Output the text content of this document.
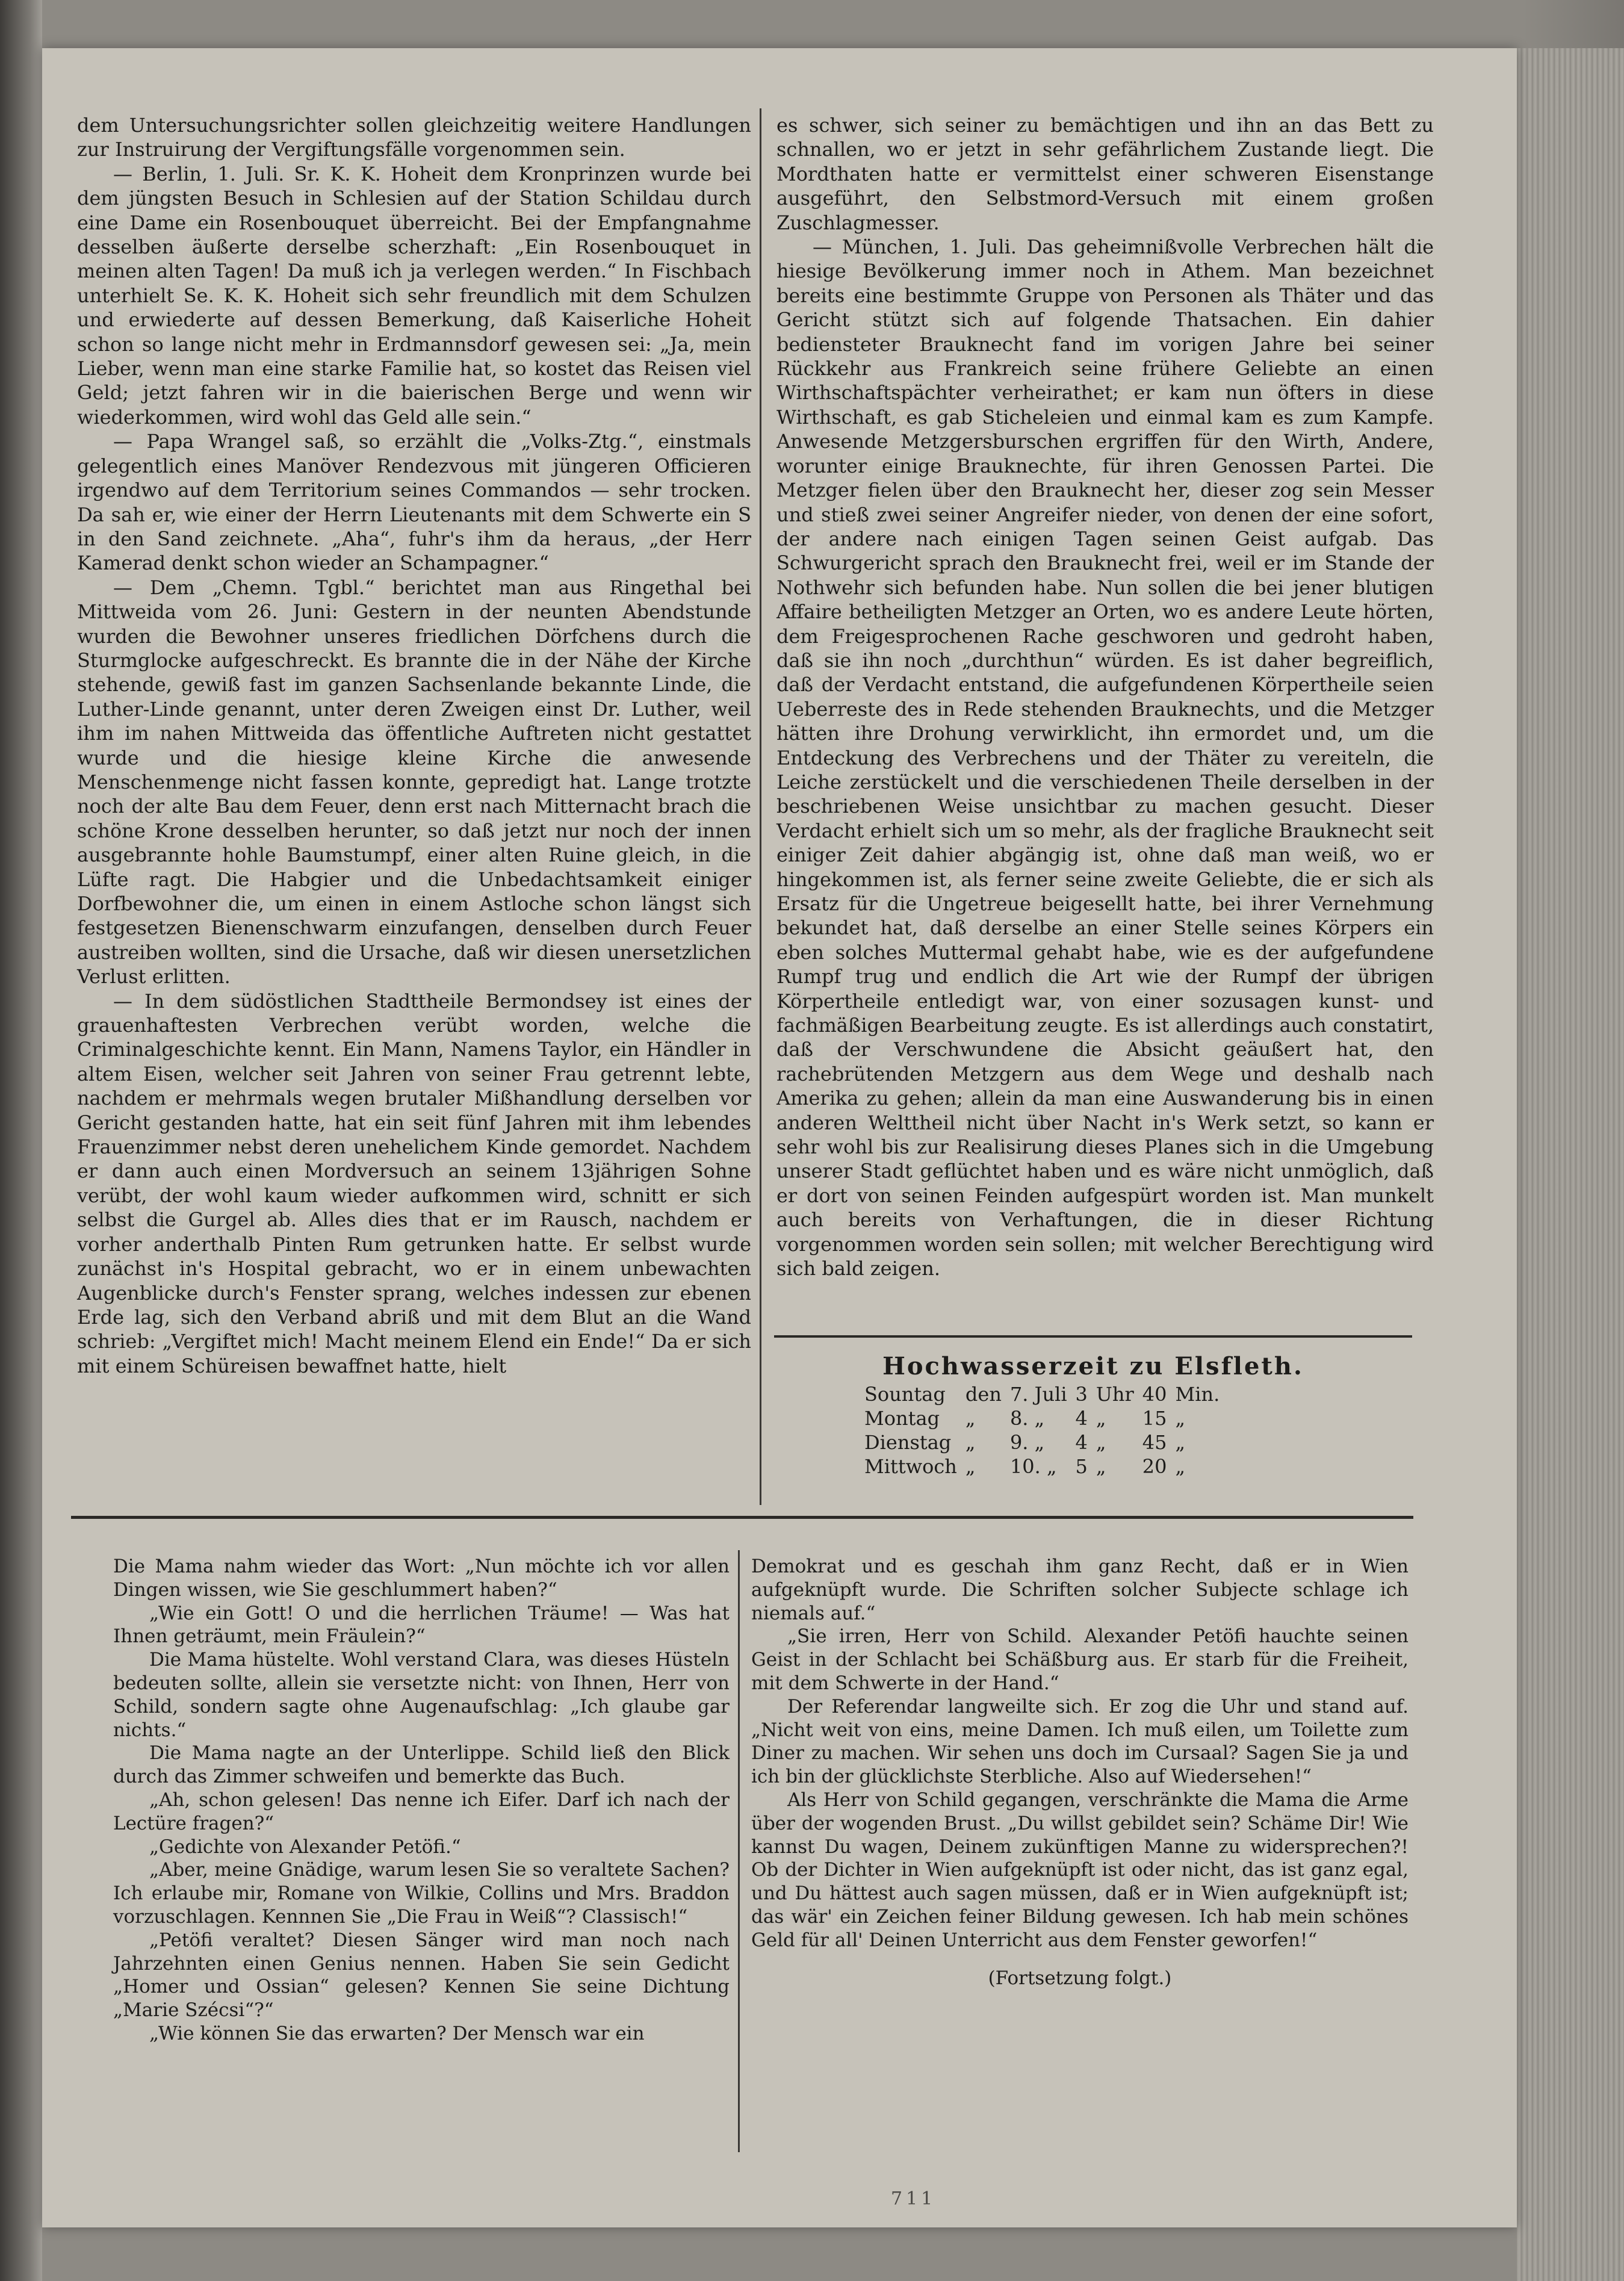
dem Untersuchungsrichter sollen gleichzeitig weitere Handlungen zur Instruirung der Vergiftungsfälle vorgenommen sein.

— Berlin, 1. Juli. Sr. K. K. Hoheit dem Kronprinzen wurde bei dem jüngsten Besuch in Schlesien auf der Station Schildau durch eine Dame ein Rosenbouquet überreicht. Bei der Empfangnahme desselben äußerte derselbe scherzhaft: „Ein Rosenbouquet in meinen alten Tagen! Da muß ich ja verlegen werden.“ In Fischbach unterhielt Se. K. K. Hoheit sich sehr freundlich mit dem Schulzen und erwiederte auf dessen Bemerkung, daß Kaiserliche Hoheit schon so lange nicht mehr in Erdmannsdorf gewesen sei: „Ja, mein Lieber, wenn man eine starke Familie hat, so kostet das Reisen viel Geld; jetzt fahren wir in die baierischen Berge und wenn wir wiederkommen, wird wohl das Geld alle sein.“

— Papa Wrangel saß, so erzählt die „Volks-Ztg.“, einstmals gelegentlich eines Manöver Rendezvous mit jüngeren Officieren irgendwo auf dem Territorium seines Commandos — sehr trocken. Da sah er, wie einer der Herrn Lieutenants mit dem Schwerte ein S in den Sand zeichnete. „Aha“, fuhr's ihm da heraus, „der Herr Kamerad denkt schon wieder an Schampagner.“

— Dem „Chemn. Tgbl.“ berichtet man aus Ringethal bei Mittweida vom 26. Juni: Gestern in der neunten Abendstunde wurden die Bewohner unseres friedlichen Dörfchens durch die Sturmglocke aufgeschreckt. Es brannte die in der Nähe der Kirche stehende, gewiß fast im ganzen Sachsenlande bekannte Linde, die Luther-Linde genannt, unter deren Zweigen einst Dr. Luther, weil ihm im nahen Mittweida das öffentliche Auftreten nicht gestattet wurde und die hiesige kleine Kirche die anwesende Menschenmenge nicht fassen konnte, gepredigt hat. Lange trotzte noch der alte Bau dem Feuer, denn erst nach Mitternacht brach die schöne Krone desselben herunter, so daß jetzt nur noch der innen ausgebrannte hohle Baumstumpf, einer alten Ruine gleich, in die Lüfte ragt. Die Habgier und die Unbedachtsamkeit einiger Dorfbewohner die, um einen in einem Astloche schon längst sich festgesetzen Bienenschwarm einzufangen, denselben durch Feuer austreiben wollten, sind die Ursache, daß wir diesen unersetzlichen Verlust erlitten.

— In dem südöstlichen Stadttheile Bermondsey ist eines der grauenhaftesten Verbrechen verübt worden, welche die Criminalgeschichte kennt. Ein Mann, Namens Taylor, ein Händler in altem Eisen, welcher seit Jahren von seiner Frau getrennt lebte, nachdem er mehrmals wegen brutaler Mißhandlung derselben vor Gericht gestanden hatte, hat ein seit fünf Jahren mit ihm lebendes Frauenzimmer nebst deren unehelichem Kinde gemordet. Nachdem er dann auch einen Mordversuch an seinem 13jährigen Sohne verübt, der wohl kaum wieder aufkommen wird, schnitt er sich selbst die Gurgel ab. Alles dies that er im Rausch, nachdem er vorher anderthalb Pinten Rum getrunken hatte. Er selbst wurde zunächst in's Hospital gebracht, wo er in einem unbewachten Augenblicke durch's Fenster sprang, welches indessen zur ebenen Erde lag, sich den Verband abriß und mit dem Blut an die Wand schrieb: „Vergiftet mich! Macht meinem Elend ein Ende!“ Da er sich mit einem Schüreisen bewaffnet hatte, hielt

es schwer, sich seiner zu bemächtigen und ihn an das Bett zu schnallen, wo er jetzt in sehr gefährlichem Zustande liegt. Die Mordthaten hatte er vermittelst einer schweren Eisenstange ausgeführt, den Selbstmord-Versuch mit einem großen Zuschlagmesser.

— München, 1. Juli. Das geheimnißvolle Verbrechen hält die hiesige Bevölkerung immer noch in Athem. Man bezeichnet bereits eine bestimmte Gruppe von Personen als Thäter und das Gericht stützt sich auf folgende Thatsachen. Ein dahier bediensteter Brauknecht fand im vorigen Jahre bei seiner Rückkehr aus Frankreich seine frühere Geliebte an einen Wirthschaftspächter verheirathet; er kam nun öfters in diese Wirthschaft, es gab Sticheleien und einmal kam es zum Kampfe. Anwesende Metzgersburschen ergriffen für den Wirth, Andere, worunter einige Brauknechte, für ihren Genossen Partei. Die Metzger fielen über den Brauknecht her, dieser zog sein Messer und stieß zwei seiner Angreifer nieder, von denen der eine sofort, der andere nach einigen Tagen seinen Geist aufgab. Das Schwurgericht sprach den Brauknecht frei, weil er im Stande der Nothwehr sich befunden habe. Nun sollen die bei jener blutigen Affaire betheiligten Metzger an Orten, wo es andere Leute hörten, dem Freigesprochenen Rache geschworen und gedroht haben, daß sie ihn noch „durchthun“ würden. Es ist daher begreiflich, daß der Verdacht entstand, die aufgefundenen Körpertheile seien Ueberreste des in Rede stehenden Brauknechts, und die Metzger hätten ihre Drohung verwirklicht, ihn ermordet und, um die Entdeckung des Verbrechens und der Thäter zu vereiteln, die Leiche zerstückelt und die verschiedenen Theile derselben in der beschriebenen Weise unsichtbar zu machen gesucht. Dieser Verdacht erhielt sich um so mehr, als der fragliche Brauknecht seit einiger Zeit dahier abgängig ist, ohne daß man weiß, wo er hingekommen ist, als ferner seine zweite Geliebte, die er sich als Ersatz für die Ungetreue beigesellt hatte, bei ihrer Vernehmung bekundet hat, daß derselbe an einer Stelle seines Körpers ein eben solches Muttermal gehabt habe, wie es der aufgefundene Rumpf trug und endlich die Art wie der Rumpf der übrigen Körpertheile entledigt war, von einer sozusagen kunst- und fachmäßigen Bearbeitung zeugte. Es ist allerdings auch constatirt, daß der Verschwundene die Absicht geäußert hat, den rachebrütenden Metzgern aus dem Wege und deshalb nach Amerika zu gehen; allein da man eine Auswanderung bis in einen anderen Welttheil nicht über Nacht in's Werk setzt, so kann er sehr wohl bis zur Realisirung dieses Planes sich in die Umgebung unserer Stadt geflüchtet haben und es wäre nicht unmöglich, daß er dort von seinen Feinden aufgespürt worden ist. Man munkelt auch bereits von Verhaftungen, die in dieser Richtung vorgenommen worden sein sollen; mit welcher Berechtigung wird sich bald zeigen.

Hochwasserzeit zu Elsfleth.
Sountag	den	7. Juli	3	Uhr	40	Min.
Montag	„	8. „	4	„	15	„
Dienstag	„	9. „	4	„	45	„
Mittwoch	„	10. „	5	„	20	„

Die Mama nahm wieder das Wort: „Nun möchte ich vor allen Dingen wissen, wie Sie geschlummert haben?“

„Wie ein Gott! O und die herrlichen Träume! — Was hat Ihnen geträumt, mein Fräulein?“

Die Mama hüstelte. Wohl verstand Clara, was dieses Hüsteln bedeuten sollte, allein sie versetzte nicht: von Ihnen, Herr von Schild, sondern sagte ohne Augenaufschlag: „Ich glaube gar nichts.“

Die Mama nagte an der Unterlippe. Schild ließ den Blick durch das Zimmer schweifen und bemerkte das Buch.

„Ah, schon gelesen! Das nenne ich Eifer. Darf ich nach der Lectüre fragen?“

„Gedichte von Alexander Petöfi.“

„Aber, meine Gnädige, warum lesen Sie so veraltete Sachen? Ich erlaube mir, Romane von Wilkie, Collins und Mrs. Braddon vorzuschlagen. Kennnen Sie „Die Frau in Weiß“? Classisch!“

„Petöfi veraltet? Diesen Sänger wird man noch nach Jahrzehnten einen Genius nennen. Haben Sie sein Gedicht „Homer und Ossian“ gelesen? Kennen Sie seine Dichtung „Marie Szécsi“?“

„Wie können Sie das erwarten? Der Mensch war ein

Demokrat und es geschah ihm ganz Recht, daß er in Wien aufgeknüpft wurde. Die Schriften solcher Subjecte schlage ich niemals auf.“

„Sie irren, Herr von Schild. Alexander Petöfi hauchte seinen Geist in der Schlacht bei Schäßburg aus. Er starb für die Freiheit, mit dem Schwerte in der Hand.“

Der Referendar langweilte sich. Er zog die Uhr und stand auf. „Nicht weit von eins, meine Damen. Ich muß eilen, um Toilette zum Diner zu machen. Wir sehen uns doch im Cursaal? Sagen Sie ja und ich bin der glücklichste Sterbliche. Also auf Wiedersehen!“

Als Herr von Schild gegangen, verschränkte die Mama die Arme über der wogenden Brust. „Du willst gebildet sein? Schäme Dir! Wie kannst Du wagen, Deinem zukünftigen Manne zu widersprechen?! Ob der Dichter in Wien aufgeknüpft ist oder nicht, das ist ganz egal, und Du hättest auch sagen müssen, daß er in Wien aufgeknüpft ist; das wär' ein Zeichen feiner Bildung gewesen. Ich hab mein schönes Geld für all' Deinen Unterricht aus dem Fenster geworfen!“

(Fortsetzung folgt.)

711
